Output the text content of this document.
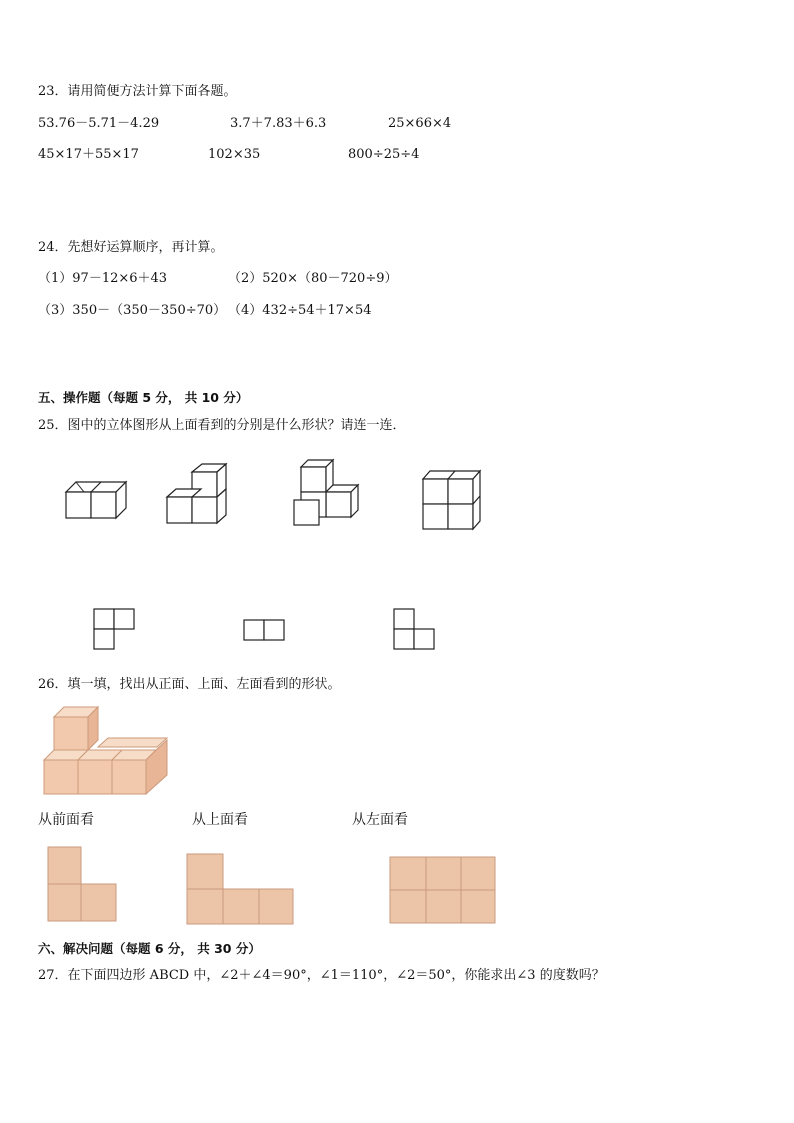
23．请用简便方法计算下面各题。
53.76－5.71－4.29	3.7＋7.83＋6.3	25×66×4
45×17＋55×17	102×35	800÷25÷4
24．先想好运算顺序，再计算。
（1）97－12×6＋43	（2）520×（80－720÷9）
（3）350－（350－350÷70） （4）432÷54＋17×54
五、操作题（每题 5 分， 共 10 分）
25．图中的立体图形从上面看到的分别是什么形状？请连一连．
26．填一填，找出从正面、上面、左面看到的形状。
从前面看	从上面看	从左面看
六、解决问题（每题 6 分， 共 30 分）
27．在下面四边形 ABCD 中，∠2＋∠4＝90°，∠1＝110°，∠2＝50°，你能求出∠3 的度数吗？
